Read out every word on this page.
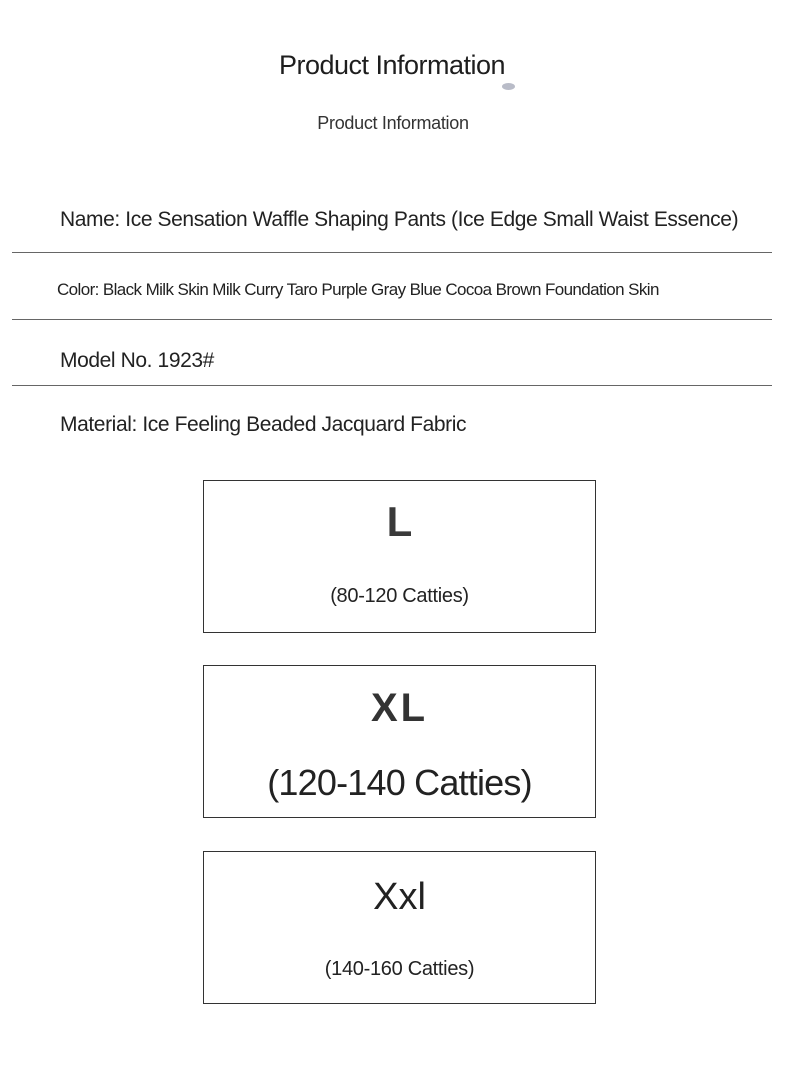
Product Information
Product Information
Name: Ice Sensation Waffle Shaping Pants (Ice Edge Small Waist Essence)
Color: Black Milk Skin Milk Curry Taro Purple Gray Blue Cocoa Brown Foundation Skin
Model No. 1923#
Material: Ice Feeling Beaded Jacquard Fabric
L
(80-120 Catties)
XL
(120-140 Catties)
Xxl
(140-160 Catties)
